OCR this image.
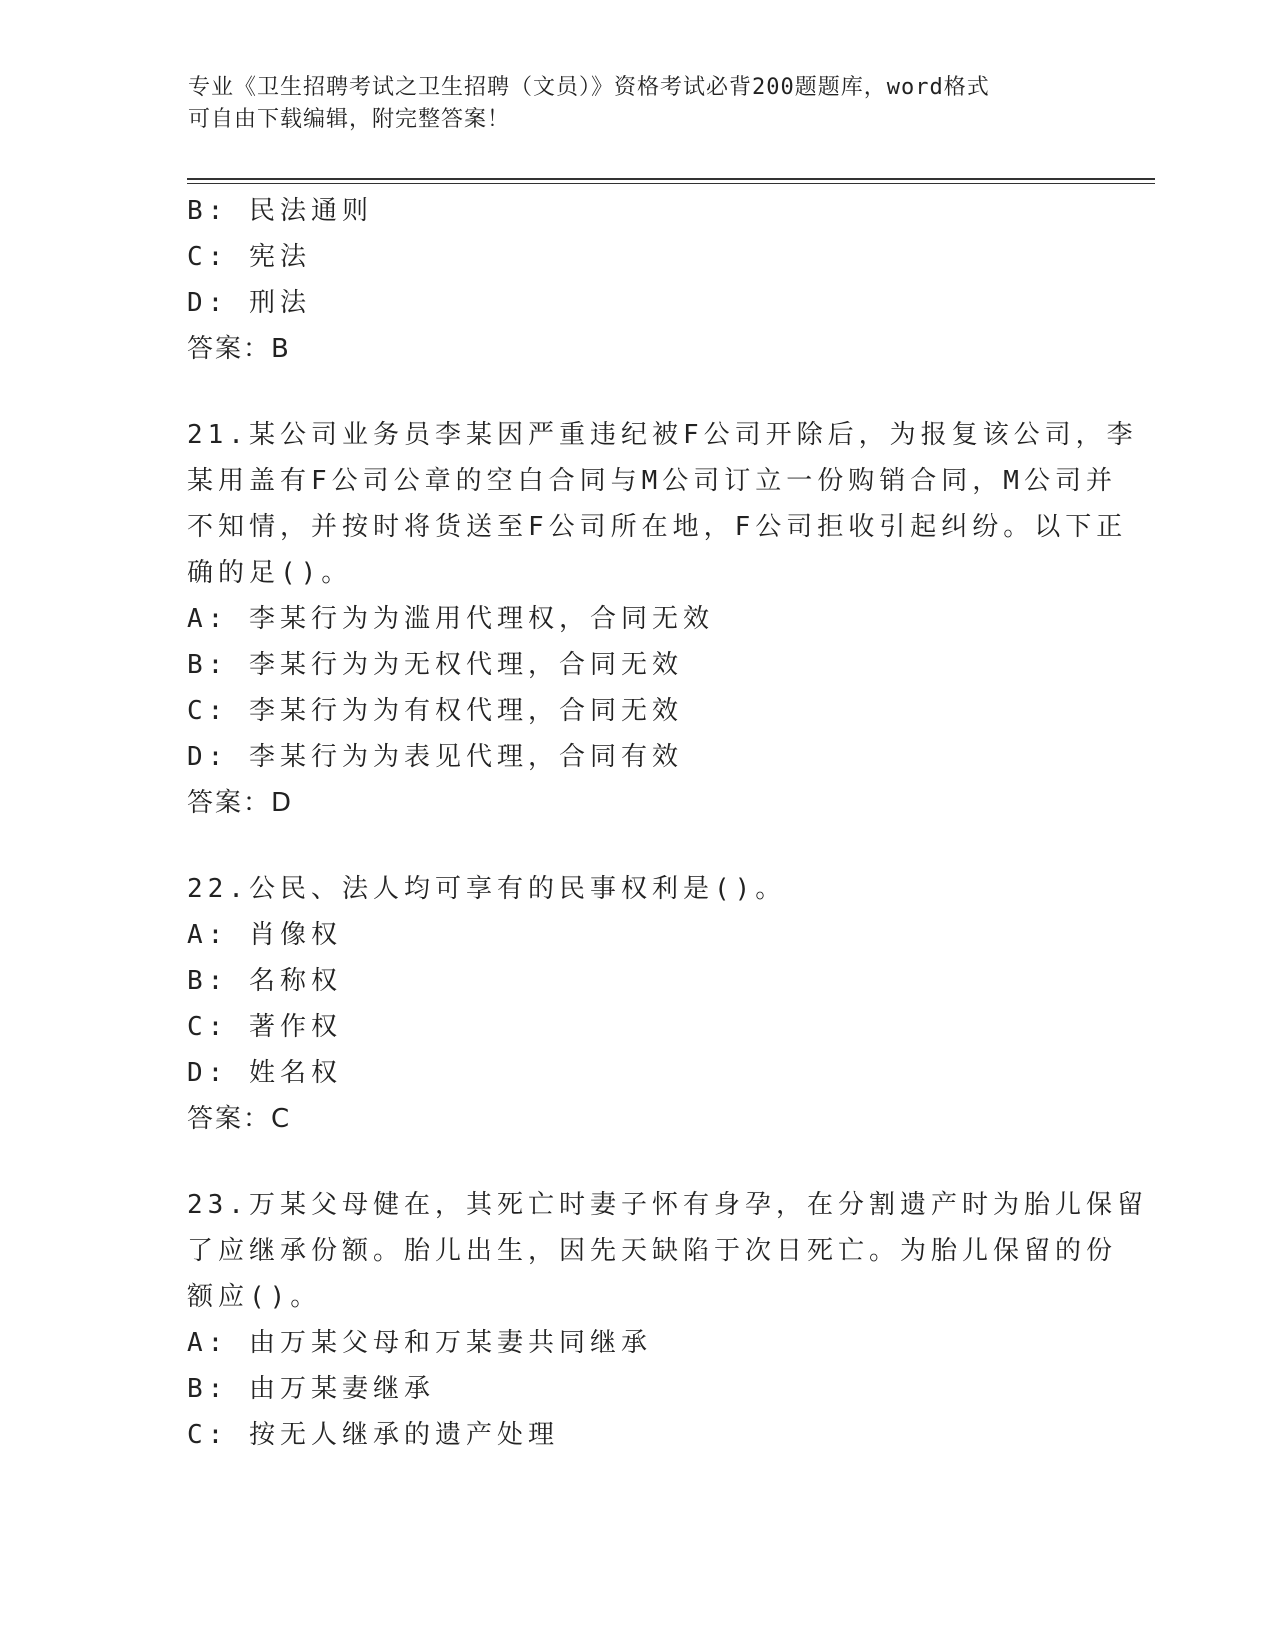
专业《卫生招聘考试之卫生招聘（文员）》资格考试必背200题题库，word格式
可自由下载编辑，附完整答案！
B: 民法通则
C: 宪法
D: 刑法
答案：B
21.某公司业务员李某因严重违纪被F公司开除后，为报复该公司，李
某用盖有F公司公章的空白合同与M公司订立一份购销合同，M公司并
不知情，并按时将货送至F公司所在地，F公司拒收引起纠纷。以下正
确的足()。
A: 李某行为为滥用代理权，合同无效
B: 李某行为为无权代理，合同无效
C: 李某行为为有权代理，合同无效
D: 李某行为为表见代理，合同有效
答案：D
22.公民、法人均可享有的民事权利是()。
A: 肖像权
B: 名称权
C: 著作权
D: 姓名权
答案：C
23.万某父母健在，其死亡时妻子怀有身孕，在分割遗产时为胎儿保留
了应继承份额。胎儿出生，因先天缺陷于次日死亡。为胎儿保留的份
额应()。
A: 由万某父母和万某妻共同继承
B: 由万某妻继承
C: 按无人继承的遗产处理
